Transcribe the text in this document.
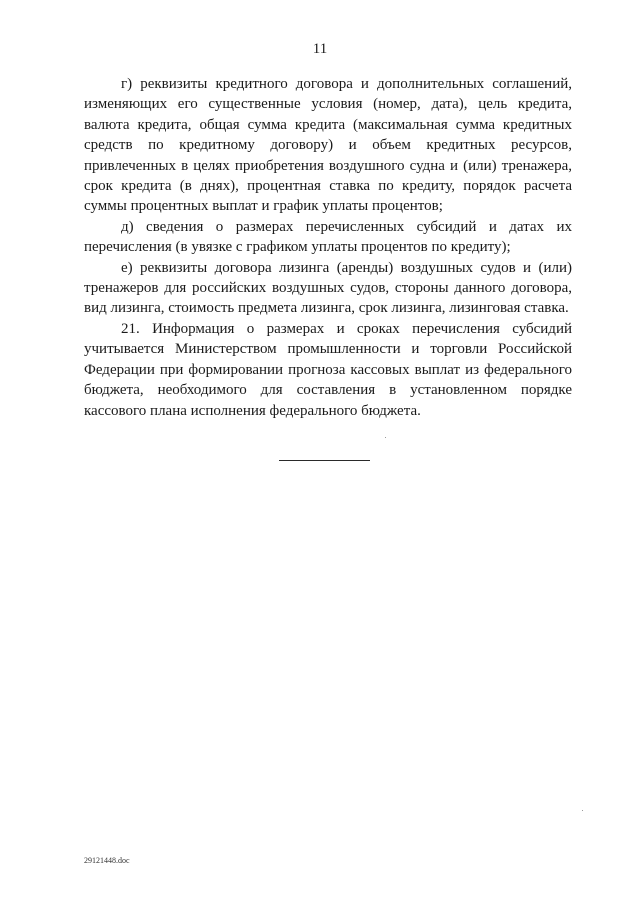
11

г) реквизиты кредитного договора и дополнительных соглашений, изменяющих его существенные условия (номер, дата), цель кредита, валюта кредита, общая сумма кредита (максимальная сумма кредитных средств по кредитному договору) и объем кредитных ресурсов, привлеченных в целях приобретения воздушного судна и (или) тренажера, срок кредита (в днях), процентная ставка по кредиту, порядок расчета суммы процентных выплат и график уплаты процентов;

д) сведения о размерах перечисленных субсидий и датах их перечисления (в увязке с графиком уплаты процентов по кредиту);

е) реквизиты договора лизинга (аренды) воздушных судов и (или) тренажеров для российских воздушных судов, стороны данного договора, вид лизинга, стоимость предмета лизинга, срок лизинга, лизинговая ставка.

21. Информация о размерах и сроках перечисления субсидий учитывается Министерством промышленности и торговли Российской Федерации при формировании прогноза кассовых выплат из федерального бюджета, необходимого для составления в установленном порядке кассового плана исполнения федерального бюджета.

29121448.doc
